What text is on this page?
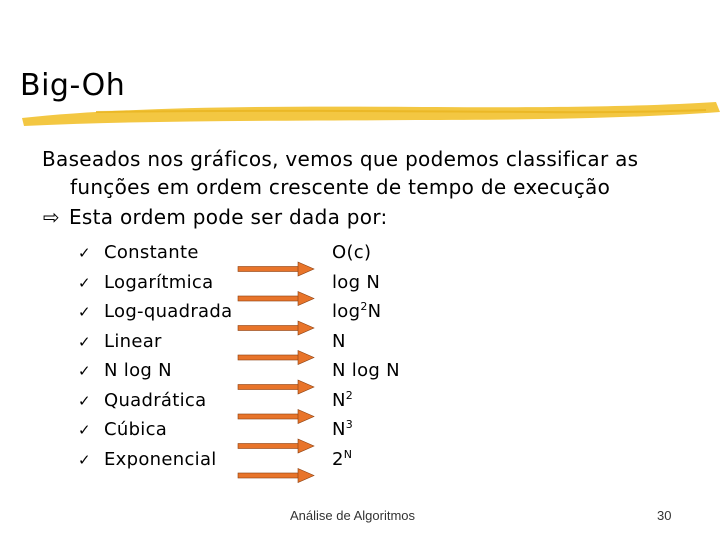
Big-Oh
Baseados nos gráficos, vemos que podemos classificar as
funções em ordem crescente de tempo de execução
⇨ Esta ordem pode ser dada por:
✓ Constante	O(c)
✓ Logarítmica	log N
✓ Log-quadrada	$\log^2N$
✓ Linear	N
✓ N log N	N log N
✓ Quadrática	$N^2$
✓ Cúbica	$N^3$
✓ Exponencial	$2^N$
Análise de Algoritmos	30
